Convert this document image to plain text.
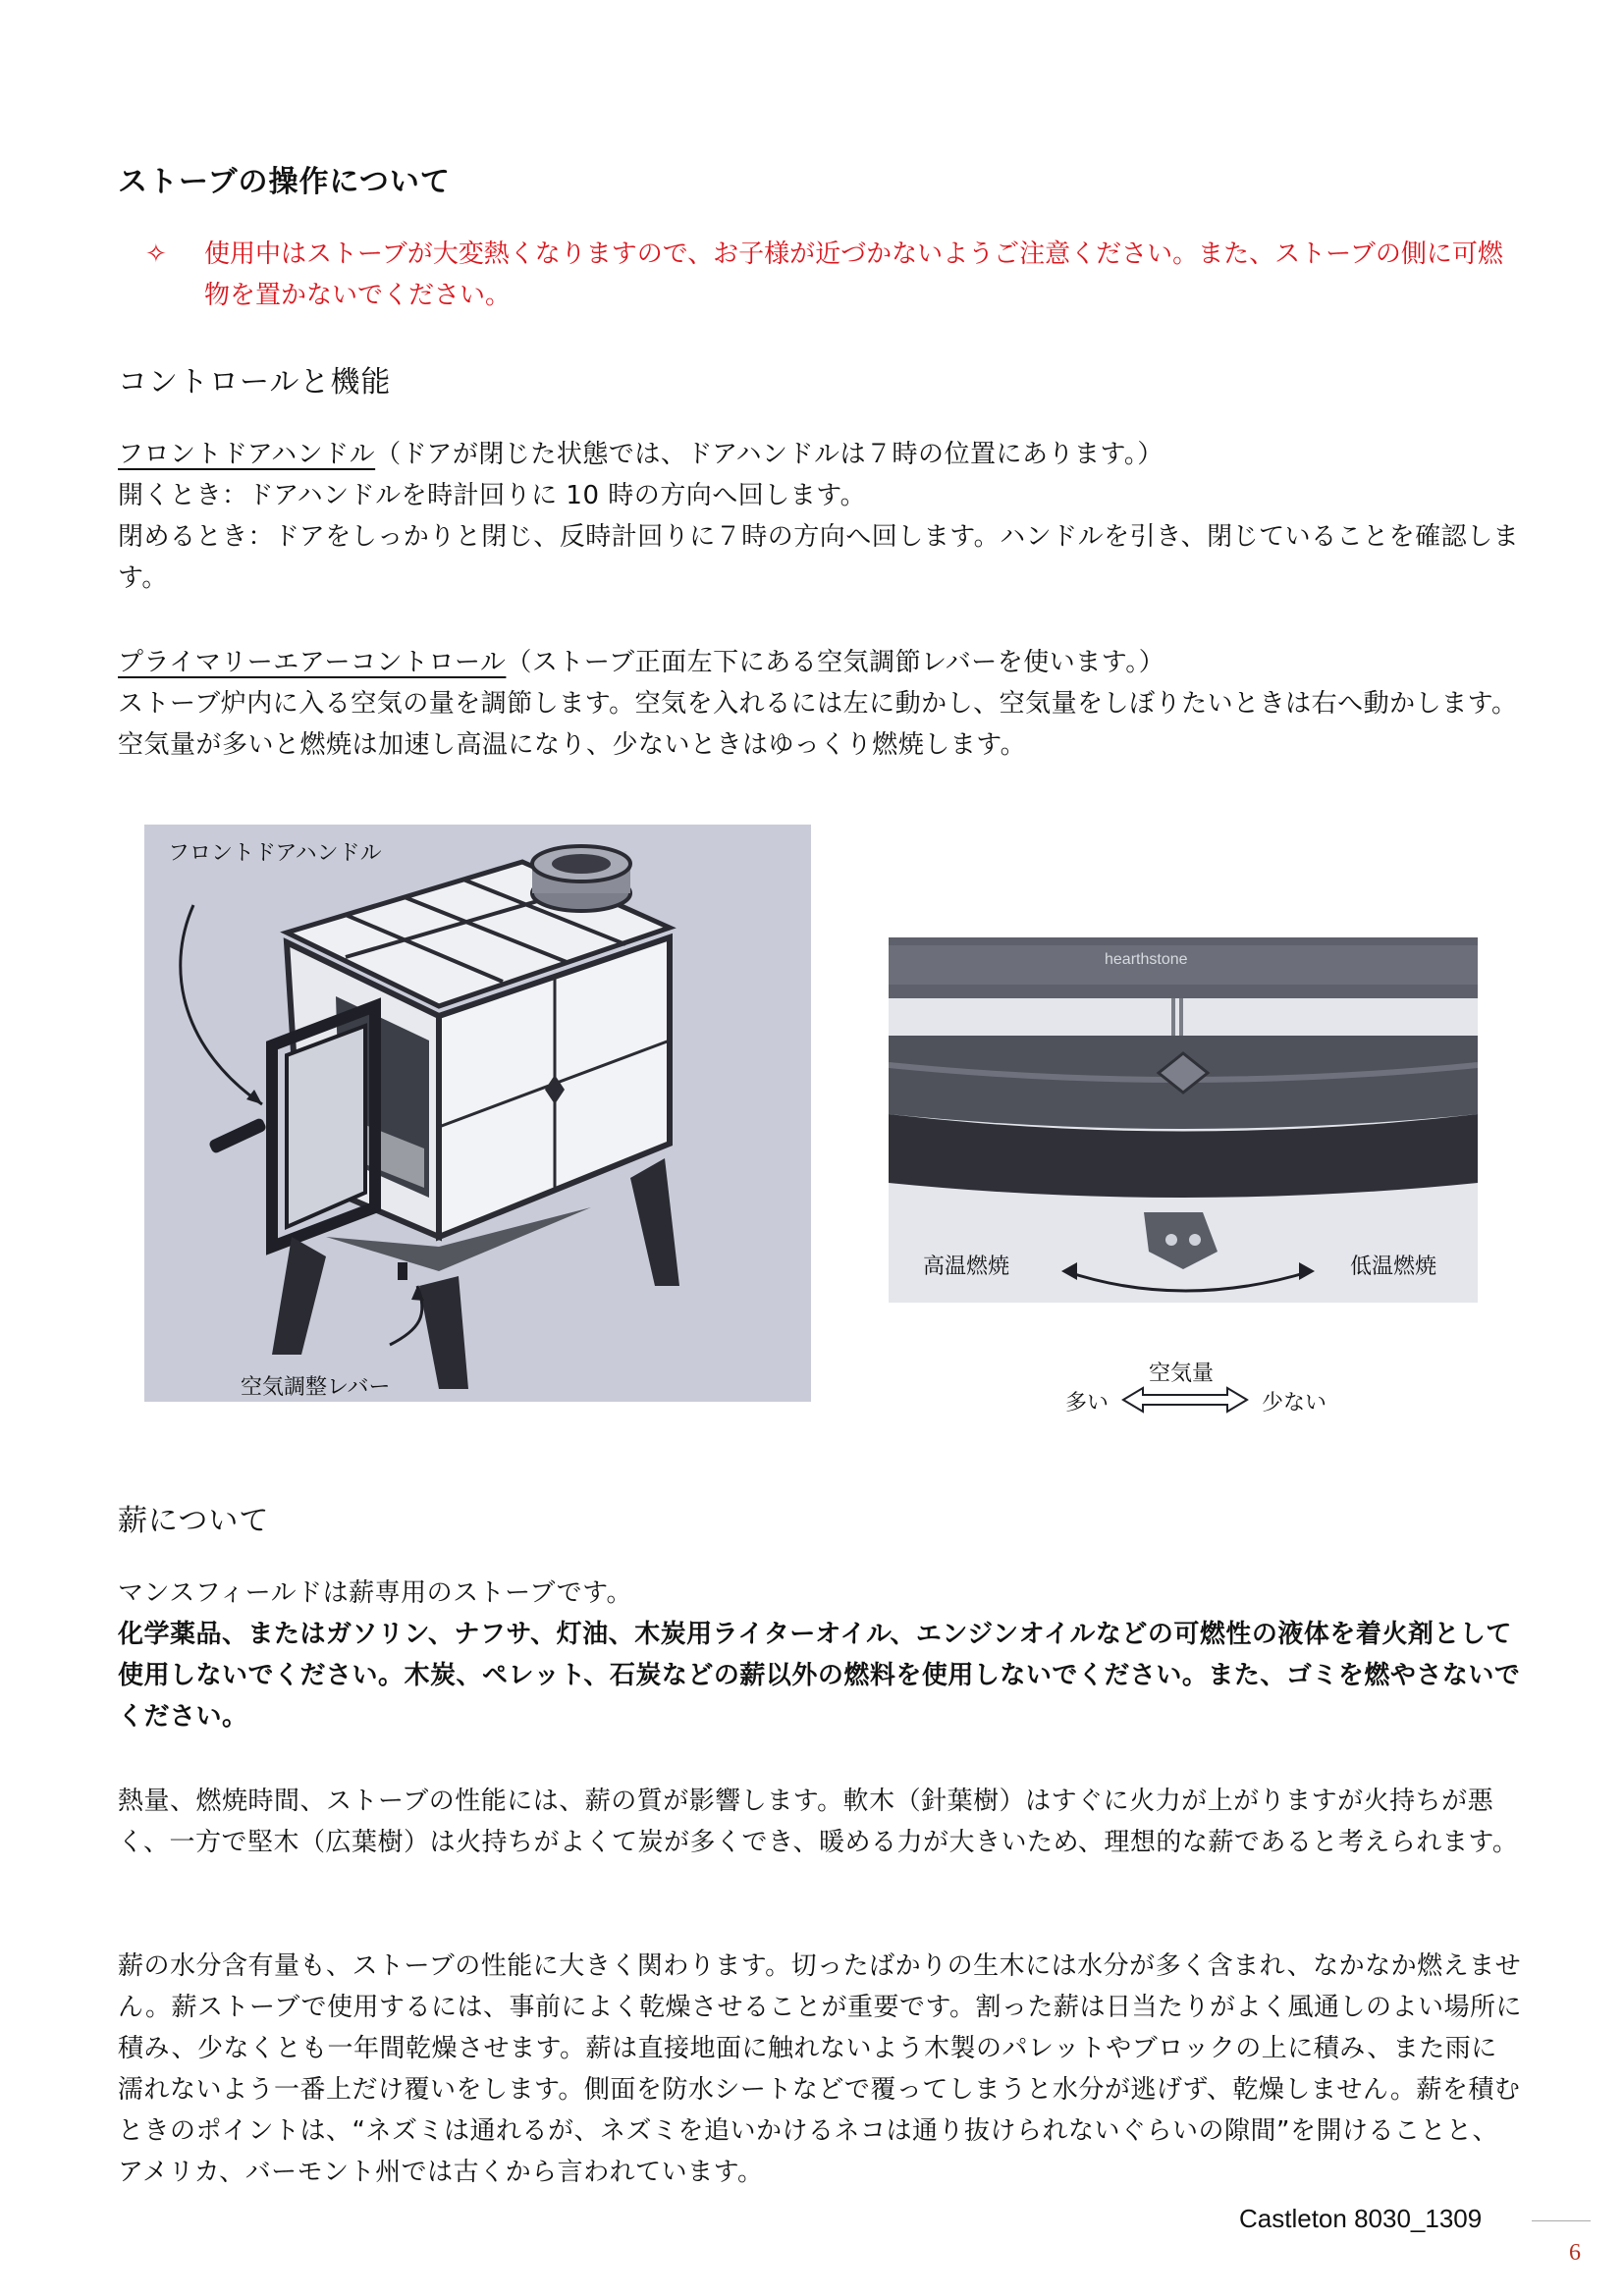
ストーブの操作について
✧ 使用中はストーブが大変熱くなりますので、お子様が近づかないようご注意ください。また、ストーブの側に可燃物を置かないでください。
コントロールと機能
フロントドアハンドル（ドアが閉じた状態では、ドアハンドルは７時の位置にあります。）
開くとき：ドアハンドルを時計回りに 10 時の方向へ回します。
閉めるとき：ドアをしっかりと閉じ、反時計回りに７時の方向へ回します。ハンドルを引き、閉じていることを確認します。
プライマリーエアーコントロール（ストーブ正面左下にある空気調節レバーを使います。）
ストーブ炉内に入る空気の量を調節します。空気を入れるには左に動かし、空気量をしぼりたいときは右へ動かします。空気量が多いと燃焼は加速し高温になり、少ないときはゆっくり燃焼します。
フロントドアハンドル
空気調整レバー
hearthstone
高温燃焼	低温燃焼
空気量
多い	少ない
薪について
マンスフィールドは薪専用のストーブです。
化学薬品、またはガソリン、ナフサ、灯油、木炭用ライターオイル、エンジンオイルなどの可燃性の液体を着火剤として使用しないでください。木炭、ペレット、石炭などの薪以外の燃料を使用しないでください。また、ゴミを燃やさないでください。
熱量、燃焼時間、ストーブの性能には、薪の質が影響します。軟木（針葉樹）はすぐに火力が上がりますが火持ちが悪く、一方で堅木（広葉樹）は火持ちがよくて炭が多くでき、暖める力が大きいため、理想的な薪であると考えられます。
薪の水分含有量も、ストーブの性能に大きく関わります。切ったばかりの生木には水分が多く含まれ、なかなか燃えません。薪ストーブで使用するには、事前によく乾燥させることが重要です。割った薪は日当たりがよく風通しのよい場所に積み、少なくとも一年間乾燥させます。薪は直接地面に触れないよう木製のパレットやブロックの上に積み、また雨に濡れないよう一番上だけ覆いをします。側面を防水シートなどで覆ってしまうと水分が逃げず、乾燥しません。薪を積むときのポイントは、“ネズミは通れるが、ネズミを追いかけるネコは通り抜けられないぐらいの隙間”を開けることと、アメリカ、バーモント州では古くから言われています。
Castleton 8030_1309
6
